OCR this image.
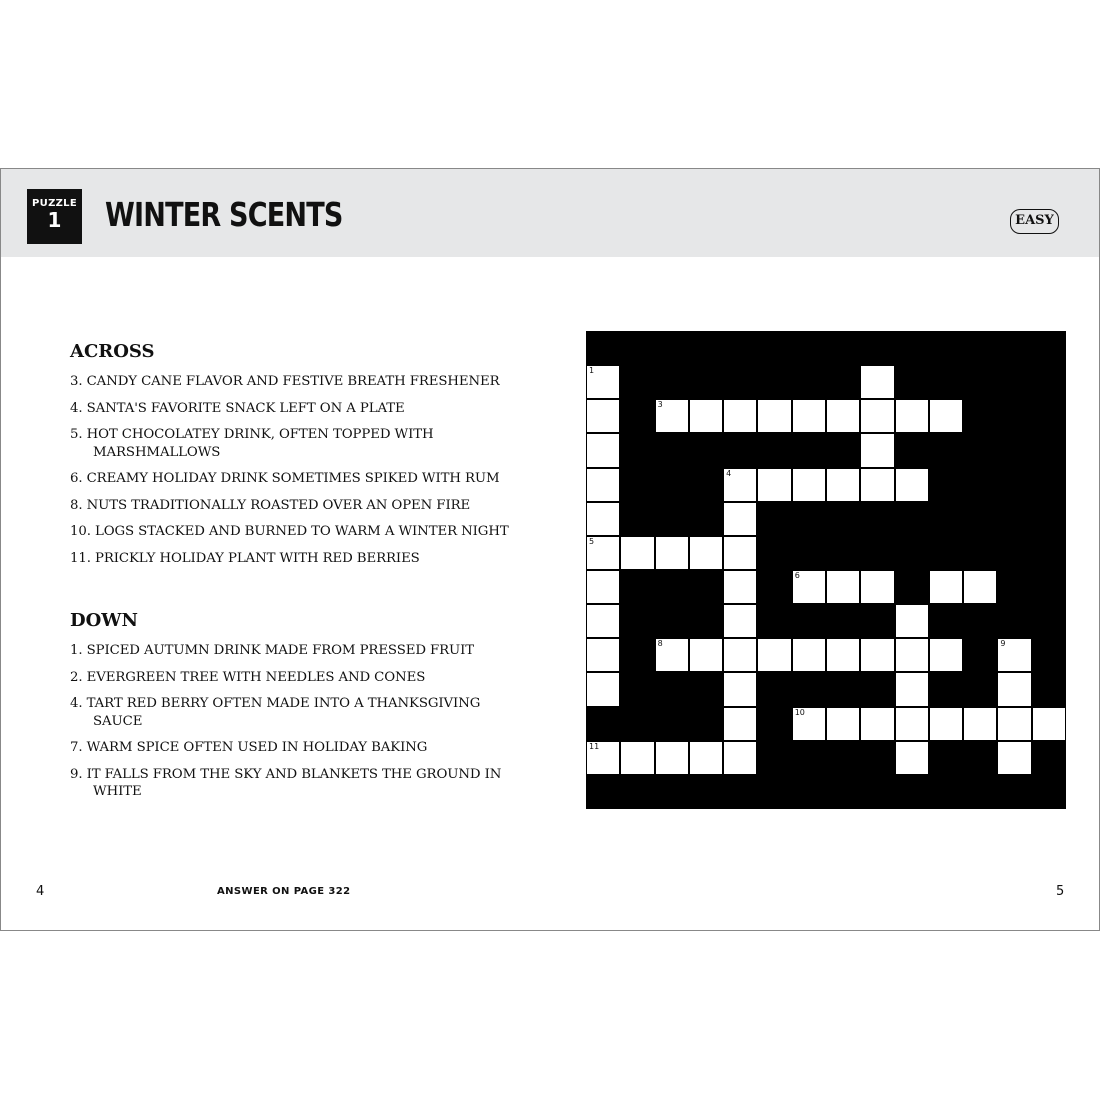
PUZZLE
1	WINTER SCENTS	EASY
ACROSS
3. CANDY CANE FLAVOR AND FESTIVE BREATH FRESHENER
4. SANTA'S FAVORITE SNACK LEFT ON A PLATE
5. HOT CHOCOLATEY DRINK, OFTEN TOPPED WITH MARSHMALLOWS
6. CREAMY HOLIDAY DRINK SOMETIMES SPIKED WITH RUM
8. NUTS TRADITIONALLY ROASTED OVER AN OPEN FIRE
10. LOGS STACKED AND BURNED TO WARM A WINTER NIGHT
11. PRICKLY HOLIDAY PLANT WITH RED BERRIES
DOWN
1. SPICED AUTUMN DRINK MADE FROM PRESSED FRUIT
2. EVERGREEN TREE WITH NEEDLES AND CONES
4. TART RED BERRY OFTEN MADE INTO A THANKSGIVING SAUCE
7. WARM SPICE OFTEN USED IN HOLIDAY BAKING
9. IT FALLS FROM THE SKY AND BLANKETS THE GROUND IN WHITE
1
3
4
5
6
8	9
10
11
4	ANSWER ON PAGE 322	5
